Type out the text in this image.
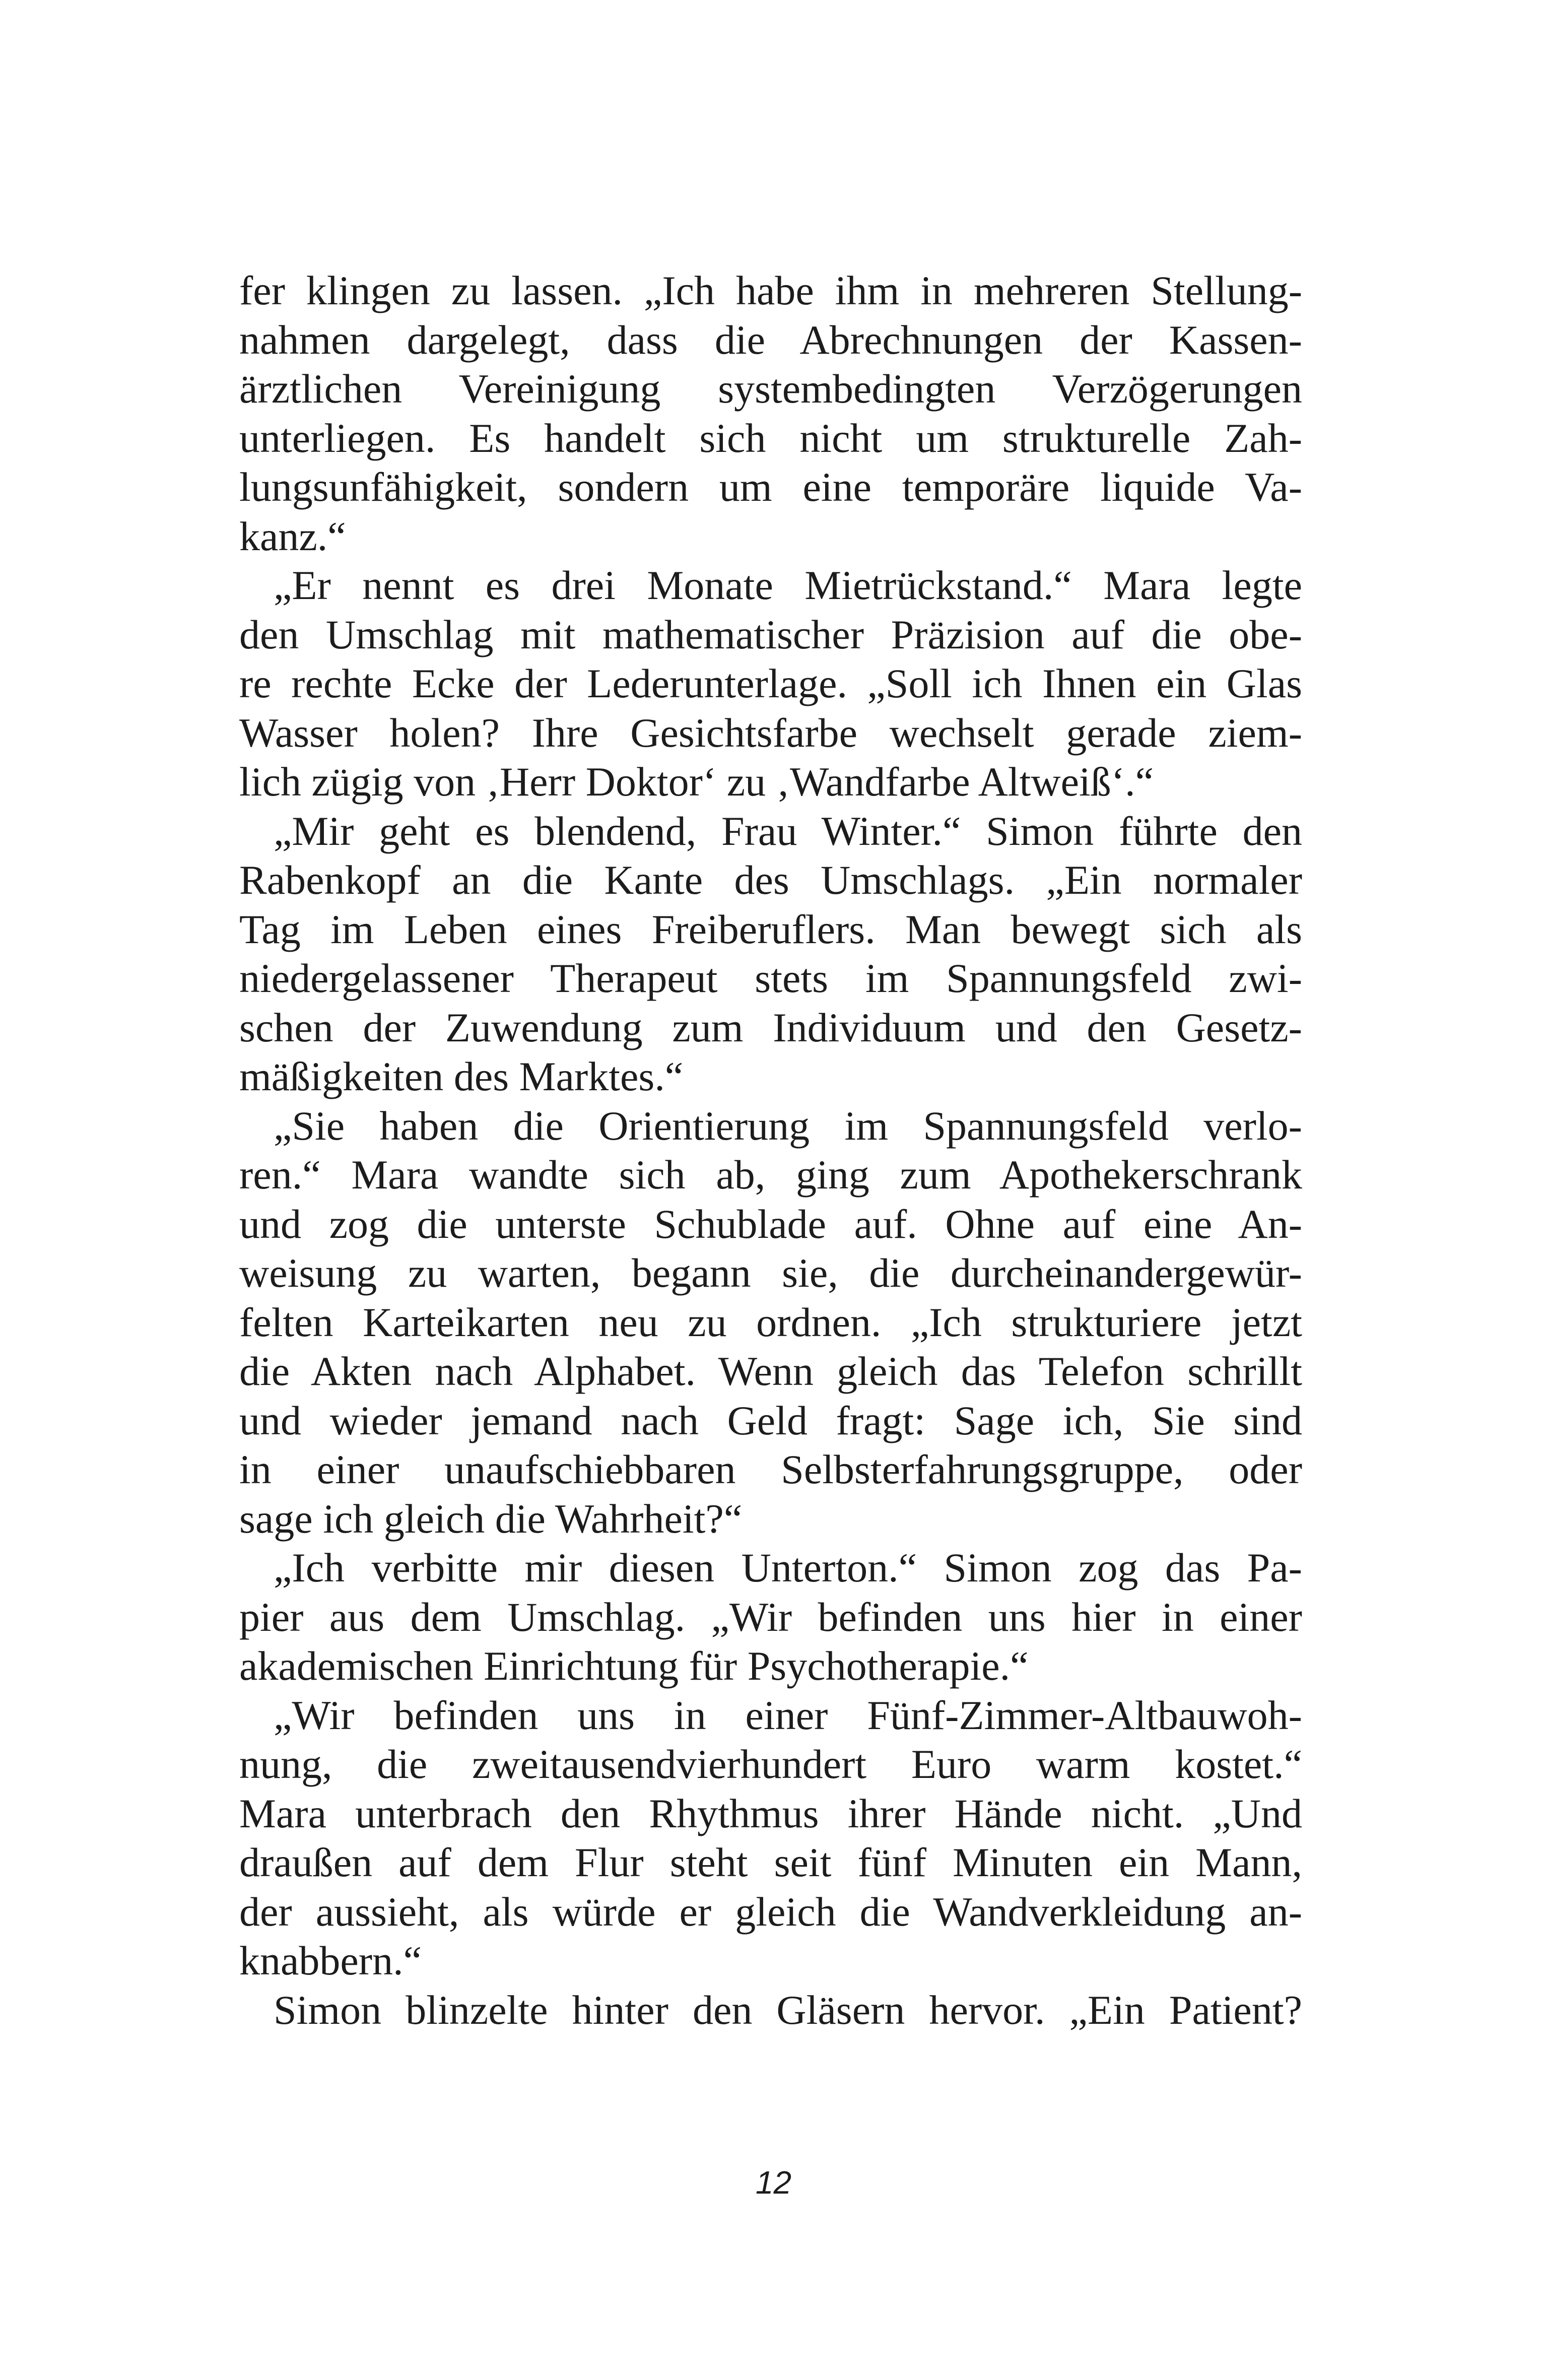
fer klingen zu lassen. „Ich habe ihm in mehreren Stellung-
nahmen dargelegt, dass die Abrechnungen der Kassen-
ärztlichen Vereinigung systembedingten Verzögerungen
unterliegen. Es handelt sich nicht um strukturelle Zah-
lungsunfähigkeit, sondern um eine temporäre liquide Va-
kanz.“
„Er nennt es drei Monate Mietrückstand.“ Mara legte
den Umschlag mit mathematischer Präzision auf die obe-
re rechte Ecke der Lederunterlage. „Soll ich Ihnen ein Glas
Wasser holen? Ihre Gesichtsfarbe wechselt gerade ziem-
lich zügig von ‚Herr Doktor‘ zu ‚Wandfarbe Altweiß‘.“
„Mir geht es blendend, Frau Winter.“ Simon führte den
Rabenkopf an die Kante des Umschlags. „Ein normaler
Tag im Leben eines Freiberuflers. Man bewegt sich als
niedergelassener Therapeut stets im Spannungsfeld zwi-
schen der Zuwendung zum Individuum und den Gesetz-
mäßigkeiten des Marktes.“
„Sie haben die Orientierung im Spannungsfeld verlo-
ren.“ Mara wandte sich ab, ging zum Apothekerschrank
und zog die unterste Schublade auf. Ohne auf eine An-
weisung zu warten, begann sie, die durcheinandergewür-
felten Karteikarten neu zu ordnen. „Ich strukturiere jetzt
die Akten nach Alphabet. Wenn gleich das Telefon schrillt
und wieder jemand nach Geld fragt: Sage ich, Sie sind
in einer unaufschiebbaren Selbsterfahrungsgruppe, oder
sage ich gleich die Wahrheit?“
„Ich verbitte mir diesen Unterton.“ Simon zog das Pa-
pier aus dem Umschlag. „Wir befinden uns hier in einer
akademischen Einrichtung für Psychotherapie.“
„Wir befinden uns in einer Fünf-Zimmer-Altbauwoh-
nung, die zweitausendvierhundert Euro warm kostet.“
Mara unterbrach den Rhythmus ihrer Hände nicht. „Und
draußen auf dem Flur steht seit fünf Minuten ein Mann,
der aussieht, als würde er gleich die Wandverkleidung an-
knabbern.“
Simon blinzelte hinter den Gläsern hervor. „Ein Patient?
12
